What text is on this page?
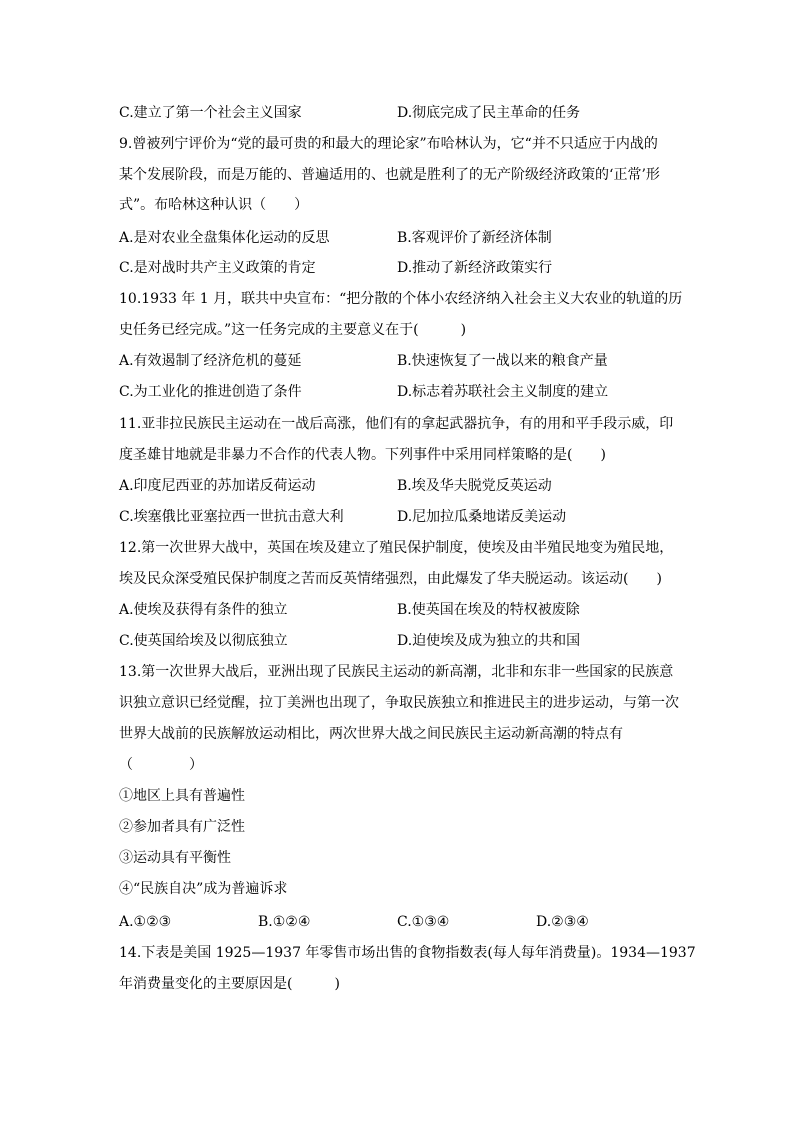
C.建立了第一个社会主义国家	D.彻底完成了民主革命的任务
9.曾被列宁评价为“党的最可贵的和最大的理论家”布哈林认为，它“并不只适应于内战的
某个发展阶段，而是万能的、普遍适用的、也就是胜利了的无产阶级经济政策的‘正常’形
式”。布哈林这种认识（　　）
A.是对农业全盘集体化运动的反思	B.客观评价了新经济体制
C.是对战时共产主义政策的肯定	D.推动了新经济政策实行
10.1933 年 1 月，联共中央宣布：“把分散的个体小农经济纳入社会主义大农业的轨道的历
史任务已经完成。”这一任务完成的主要意义在于(　　　)
A.有效遏制了经济危机的蔓延	B.快速恢复了一战以来的粮食产量
C.为工业化的推进创造了条件	D.标志着苏联社会主义制度的建立
11.亚非拉民族民主运动在一战后高涨，他们有的拿起武器抗争，有的用和平手段示威，印
度圣雄甘地就是非暴力不合作的代表人物。下列事件中采用同样策略的是(　　)
A.印度尼西亚的苏加诺反荷运动	B.埃及华夫脱党反英运动
C.埃塞俄比亚塞拉西一世抗击意大利	D.尼加拉瓜桑地诺反美运动
12.第一次世界大战中，英国在埃及建立了殖民保护制度，使埃及由半殖民地变为殖民地，
埃及民众深受殖民保护制度之苦而反英情绪强烈，由此爆发了华夫脱运动。该运动(　　)
A.使埃及获得有条件的独立	B.使英国在埃及的特权被废除
C.使英国给埃及以彻底独立	D.迫使埃及成为独立的共和国
13.第一次世界大战后，亚洲出现了民族民主运动的新高潮，北非和东非一些国家的民族意
识独立意识已经觉醒，拉丁美洲也出现了，争取民族独立和推进民主的进步运动，与第一次
世界大战前的民族解放运动相比，两次世界大战之间民族民主运动新高潮的特点有
（　　　　）
①地区上具有普遍性
②参加者具有广泛性
③运动具有平衡性
④“民族自决”成为普遍诉求
A.①②③	B.①②④	C.①③④	D.②③④
14.下表是美国 1925—1937 年零售市场出售的食物指数表(每人每年消费量)。1934—1937
年消费量变化的主要原因是(　　　)
